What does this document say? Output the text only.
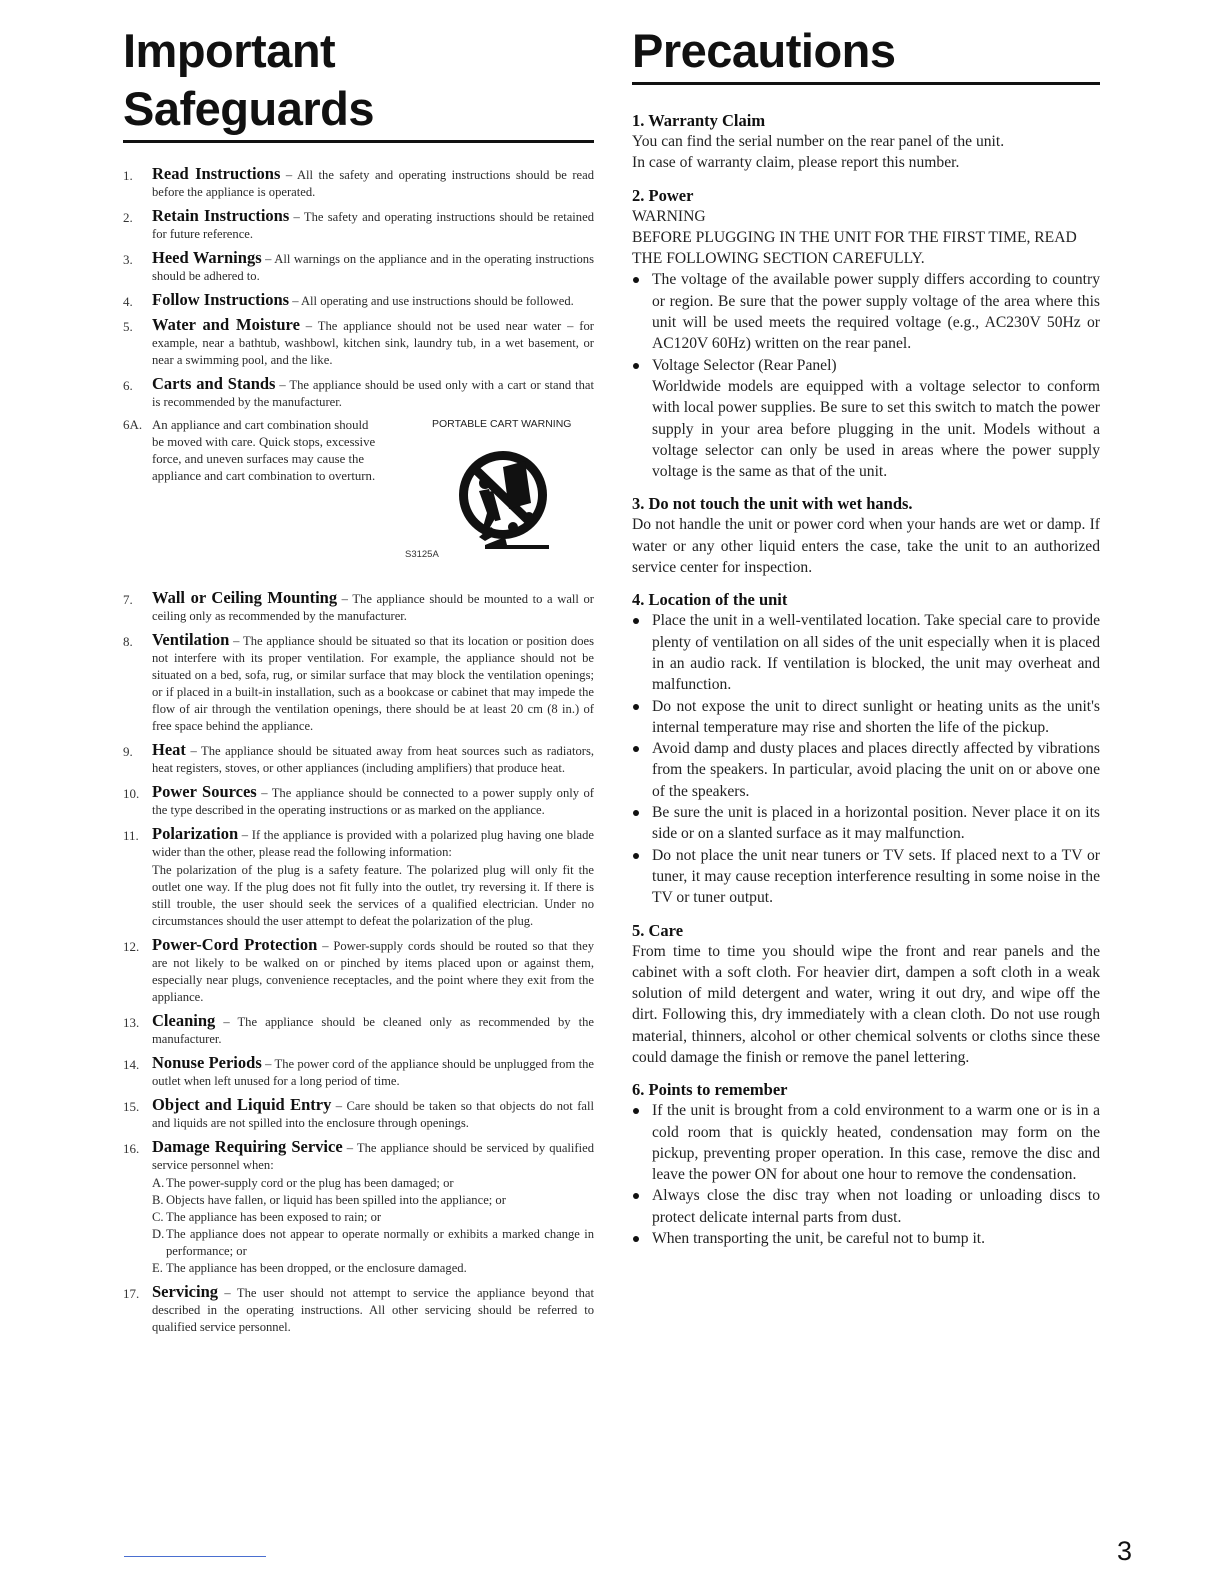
Important Safeguards
1. Read Instructions – All the safety and operating instructions should be read before the appliance is operated.
2. Retain Instructions – The safety and operating instructions should be retained for future reference.
3. Heed Warnings – All warnings on the appliance and in the operating instructions should be adhered to.
4. Follow Instructions – All operating and use instructions should be followed.
5. Water and Moisture – The appliance should not be used near water – for example, near a bathtub, washbowl, kitchen sink, laundry tub, in a wet basement, or near a swimming pool, and the like.
6. Carts and Stands – The appliance should be used only with a cart or stand that is recommended by the manufacturer.
6A. An appliance and cart combination should be moved with care. Quick stops, excessive force, and uneven surfaces may cause the appliance and cart combination to overturn.
PORTABLE CART WARNING
S3125A
7. Wall or Ceiling Mounting – The appliance should be mounted to a wall or ceiling only as recommended by the manufacturer.
8. Ventilation – The appliance should be situated so that its location or position does not interfere with its proper ventilation. For example, the appliance should not be situated on a bed, sofa, rug, or similar surface that may block the ventilation openings; or if placed in a built-in installation, such as a bookcase or cabinet that may impede the flow of air through the ventilation openings, there should be at least 20 cm (8 in.) of free space behind the appliance.
9. Heat – The appliance should be situated away from heat sources such as radiators, heat registers, stoves, or other appliances (including amplifiers) that produce heat.
10. Power Sources – The appliance should be connected to a power supply only of the type described in the operating instructions or as marked on the appliance.
11. Polarization – If the appliance is provided with a polarized plug having one blade wider than the other, please read the following information:
The polarization of the plug is a safety feature. The polarized plug will only fit the outlet one way. If the plug does not fit fully into the outlet, try reversing it. If there is still trouble, the user should seek the services of a qualified electrician. Under no circumstances should the user attempt to defeat the polarization of the plug.
12. Power-Cord Protection – Power-supply cords should be routed so that they are not likely to be walked on or pinched by items placed upon or against them, especially near plugs, convenience receptacles, and the point where they exit from the appliance.
13. Cleaning – The appliance should be cleaned only as recommended by the manufacturer.
14. Nonuse Periods – The power cord of the appliance should be unplugged from the outlet when left unused for a long period of time.
15. Object and Liquid Entry – Care should be taken so that objects do not fall and liquids are not spilled into the enclosure through openings.
16. Damage Requiring Service – The appliance should be serviced by qualified service personnel when:
A. The power-supply cord or the plug has been damaged; or
B. Objects have fallen, or liquid has been spilled into the appliance; or
C. The appliance has been exposed to rain; or
D. The appliance does not appear to operate normally or exhibits a marked change in performance; or
E. The appliance has been dropped, or the enclosure damaged.
17. Servicing – The user should not attempt to service the appliance beyond that described in the operating instructions. All other servicing should be referred to qualified service personnel.
Precautions
1. Warranty Claim
You can find the serial number on the rear panel of the unit.
In case of warranty claim, please report this number.
2. Power
WARNING
BEFORE PLUGGING IN THE UNIT FOR THE FIRST TIME, READ THE FOLLOWING SECTION CAREFULLY.
The voltage of the available power supply differs according to country or region. Be sure that the power supply voltage of the area where this unit will be used meets the required voltage (e.g., AC230V 50Hz or AC120V 60Hz) written on the rear panel.
Voltage Selector (Rear Panel)
Worldwide models are equipped with a voltage selector to conform with local power supplies. Be sure to set this switch to match the power supply in your area before plugging in the unit. Models without a voltage selector can only be used in areas where the power supply voltage is the same as that of the unit.
3. Do not touch the unit with wet hands.
Do not handle the unit or power cord when your hands are wet or damp. If water or any other liquid enters the case, take the unit to an authorized service center for inspection.
4. Location of the unit
Place the unit in a well-ventilated location. Take special care to provide plenty of ventilation on all sides of the unit especially when it is placed in an audio rack. If ventilation is blocked, the unit may overheat and malfunction.
Do not expose the unit to direct sunlight or heating units as the unit's internal temperature may rise and shorten the life of the pickup.
Avoid damp and dusty places and places directly affected by vibrations from the speakers. In particular, avoid placing the unit on or above one of the speakers.
Be sure the unit is placed in a horizontal position. Never place it on its side or on a slanted surface as it may malfunction.
Do not place the unit near tuners or TV sets. If placed next to a TV or tuner, it may cause reception interference resulting in some noise in the TV or tuner output.
5. Care
From time to time you should wipe the front and rear panels and the cabinet with a soft cloth. For heavier dirt, dampen a soft cloth in a weak solution of mild detergent and water, wring it out dry, and wipe off the dirt. Following this, dry immediately with a clean cloth. Do not use rough material, thinners, alcohol or other chemical solvents or cloths since these could damage the finish or remove the panel lettering.
6. Points to remember
If the unit is brought from a cold environment to a warm one or is in a cold room that is quickly heated, condensation may form on the pickup, preventing proper operation. In this case, remove the disc and leave the power ON for about one hour to remove the condensation.
Always close the disc tray when not loading or unloading discs to protect delicate internal parts from dust.
When transporting the unit, be careful not to bump it.
3
